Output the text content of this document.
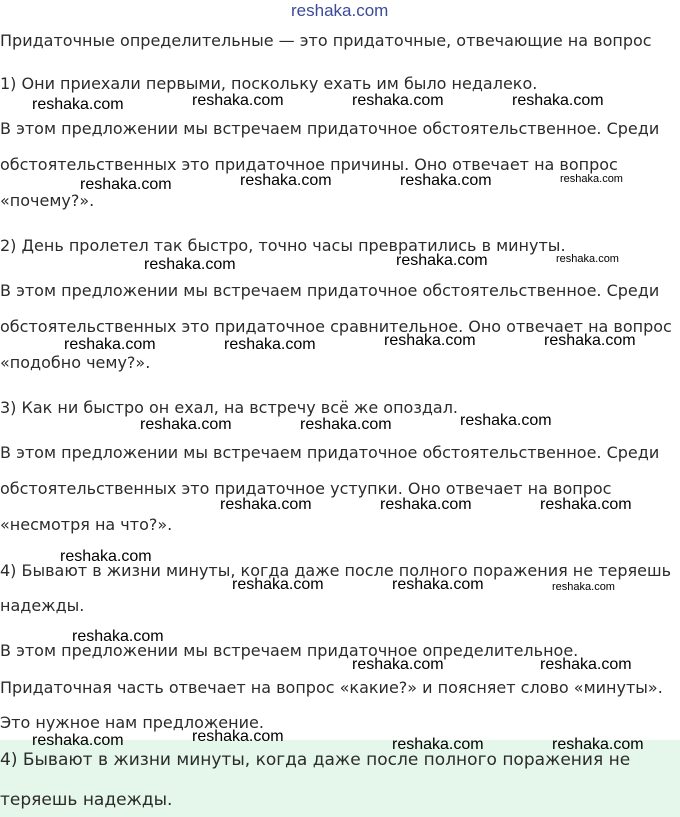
reshaka.com
Придаточные определительные — это придаточные, отвечающие на вопрос
1) Они приехали первыми, поскольку ехать им было недалеко.
В этом предложении мы встречаем придаточное обстоятельственное. Среди
обстоятельственных это придаточное причины. Оно отвечает на вопрос
«почему?».
2) День пролетел так быстро, точно часы превратились в минуты.
В этом предложении мы встречаем придаточное обстоятельственное. Среди
обстоятельственных это придаточное сравнительное. Оно отвечает на вопрос
«подобно чему?».
3) Как ни быстро он ехал, на встречу всё же опоздал.
В этом предложении мы встречаем придаточное обстоятельственное. Среди
обстоятельственных это придаточное уступки. Оно отвечает на вопрос
«несмотря на что?».
4) Бывают в жизни минуты, когда даже после полного поражения не теряешь
надежды.
В этом предложении мы встречаем придаточное определительное.
Придаточная часть отвечает на вопрос «какие?» и поясняет слово «минуты».
Это нужное нам предложение.
4) Бывают в жизни минуты, когда даже после полного поражения не
теряешь надежды.
reshaka.com	reshaka.com	reshaka.com	reshaka.com
reshaka.com	reshaka.com	reshaka.com	reshaka.com
reshaka.com	reshaka.com	reshaka.com
reshaka.com	reshaka.com	reshaka.com	reshaka.com
reshaka.com	reshaka.com	reshaka.com
reshaka.com	reshaka.com	reshaka.com
reshaka.com
reshaka.com	reshaka.com	reshaka.com
reshaka.com
reshaka.com	reshaka.com
reshaka.com	reshaka.com	reshaka.com	reshaka.com
